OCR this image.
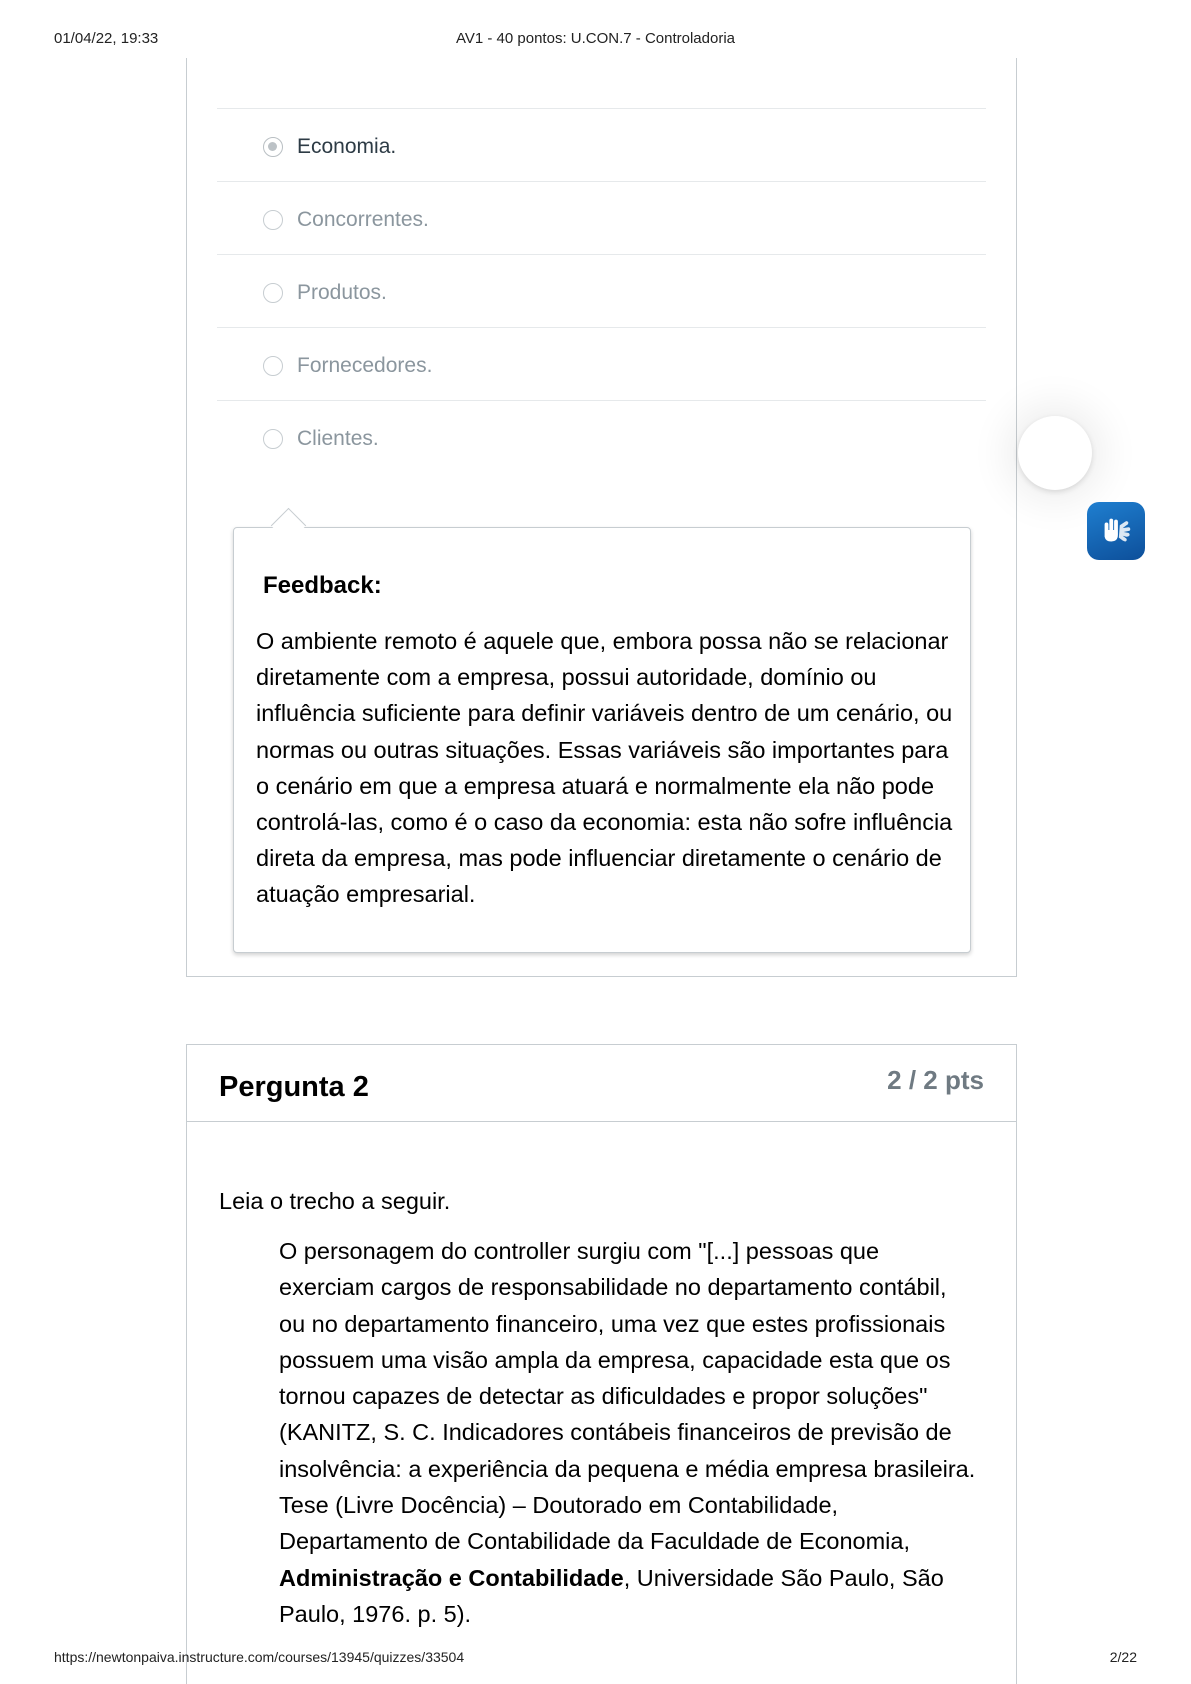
01/04/22, 19:33	AV1 - 40 pontos: U.CON.7 - Controladoria
Economia.
Concorrentes.
Produtos.
Fornecedores.
Clientes.
Feedback:
O ambiente remoto é aquele que, embora possa não se relacionar diretamente com a empresa, possui autoridade, domínio ou influência suficiente para definir variáveis dentro de um cenário, ou normas ou outras situações. Essas variáveis são importantes para o cenário em que a empresa atuará e normalmente ela não pode controlá-las, como é o caso da economia: esta não sofre influência direta da empresa, mas pode influenciar diretamente o cenário de atuação empresarial.
Pergunta 2	2 / 2 pts
Leia o trecho a seguir.
O personagem do controller surgiu com "[...] pessoas que exerciam cargos de responsabilidade no departamento contábil, ou no departamento financeiro, uma vez que estes profissionais possuem uma visão ampla da empresa, capacidade esta que os tornou capazes de detectar as dificuldades e propor soluções" (KANITZ, S. C. Indicadores contábeis financeiros de previsão de insolvência: a experiência da pequena e média empresa brasileira. Tese (Livre Docência) – Doutorado em Contabilidade, Departamento de Contabilidade da Faculdade de Economia, Administração e Contabilidade, Universidade São Paulo, São Paulo, 1976. p. 5).
https://newtonpaiva.instructure.com/courses/13945/quizzes/33504	2/22
